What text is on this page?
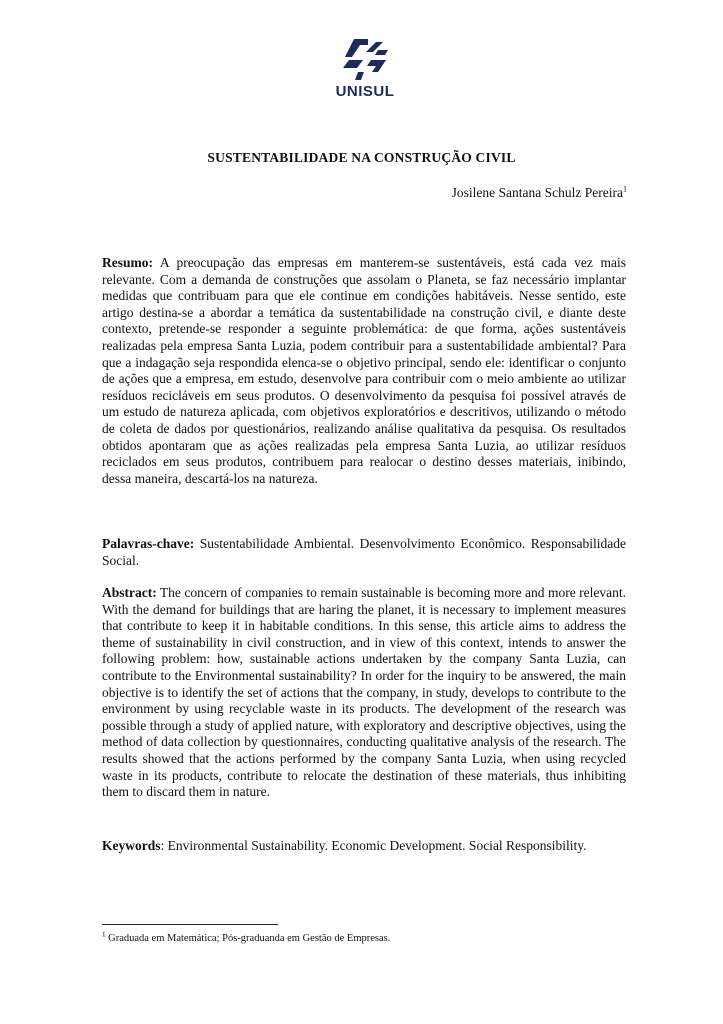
UNISUL
SUSTENTABILIDADE NA CONSTRUÇÃO CIVIL
Josilene Santana Schulz Pereira$^1$
Resumo: A preocupação das empresas em manterem-se sustentáveis, está cada vez mais relevante. Com a demanda de construções que assolam o Planeta, se faz necessário implantar medidas que contribuam para que ele continue em condições habitáveis. Nesse sentido, este artigo destina-se a abordar a temática da sustentabilidade na construção civil, e diante deste contexto, pretende-se responder a seguinte problemática: de que forma, ações sustentáveis realizadas pela empresa Santa Luzia, podem contribuir para a sustentabilidade ambiental? Para que a indagação seja respondida elenca-se o objetivo principal, sendo ele: identificar o conjunto de ações que a empresa, em estudo, desenvolve para contribuir com o meio ambiente ao utilizar resíduos recicláveis em seus produtos. O desenvolvimento da pesquisa foi possível através de um estudo de natureza aplicada, com objetivos exploratórios e descritivos, utilizando o método de coleta de dados por questionários, realizando análise qualitativa da pesquisa. Os resultados obtidos apontaram que as ações realizadas pela empresa Santa Luzia, ao utilizar resíduos reciclados em seus produtos, contribuem para realocar o destino desses materiais, inibindo, dessa maneira, descartá-los na natureza.
Palavras-chave: Sustentabilidade Ambiental. Desenvolvimento Econômico. Responsabilidade Social.
Abstract: The concern of companies to remain sustainable is becoming more and more relevant. With the demand for buildings that are haring the planet, it is necessary to implement measures that contribute to keep it in habitable conditions. In this sense, this article aims to address the theme of sustainability in civil construction, and in view of this context, intends to answer the following problem: how, sustainable actions undertaken by the company Santa Luzia, can contribute to the Environmental sustainability? In order for the inquiry to be answered, the main objective is to identify the set of actions that the company, in study, develops to contribute to the environment by using recyclable waste in its products. The development of the research was possible through a study of applied nature, with exploratory and descriptive objectives, using the method of data collection by questionnaires, conducting qualitative analysis of the research. The results showed that the actions performed by the company Santa Luzia, when using recycled waste in its products, contribute to relocate the destination of these materials, thus inhibiting them to discard them in nature.
Keywords: Environmental Sustainability. Economic Development. Social Responsibility.
$^1$ Graduada em Matemática; Pós-graduanda em Gestão de Empresas.
